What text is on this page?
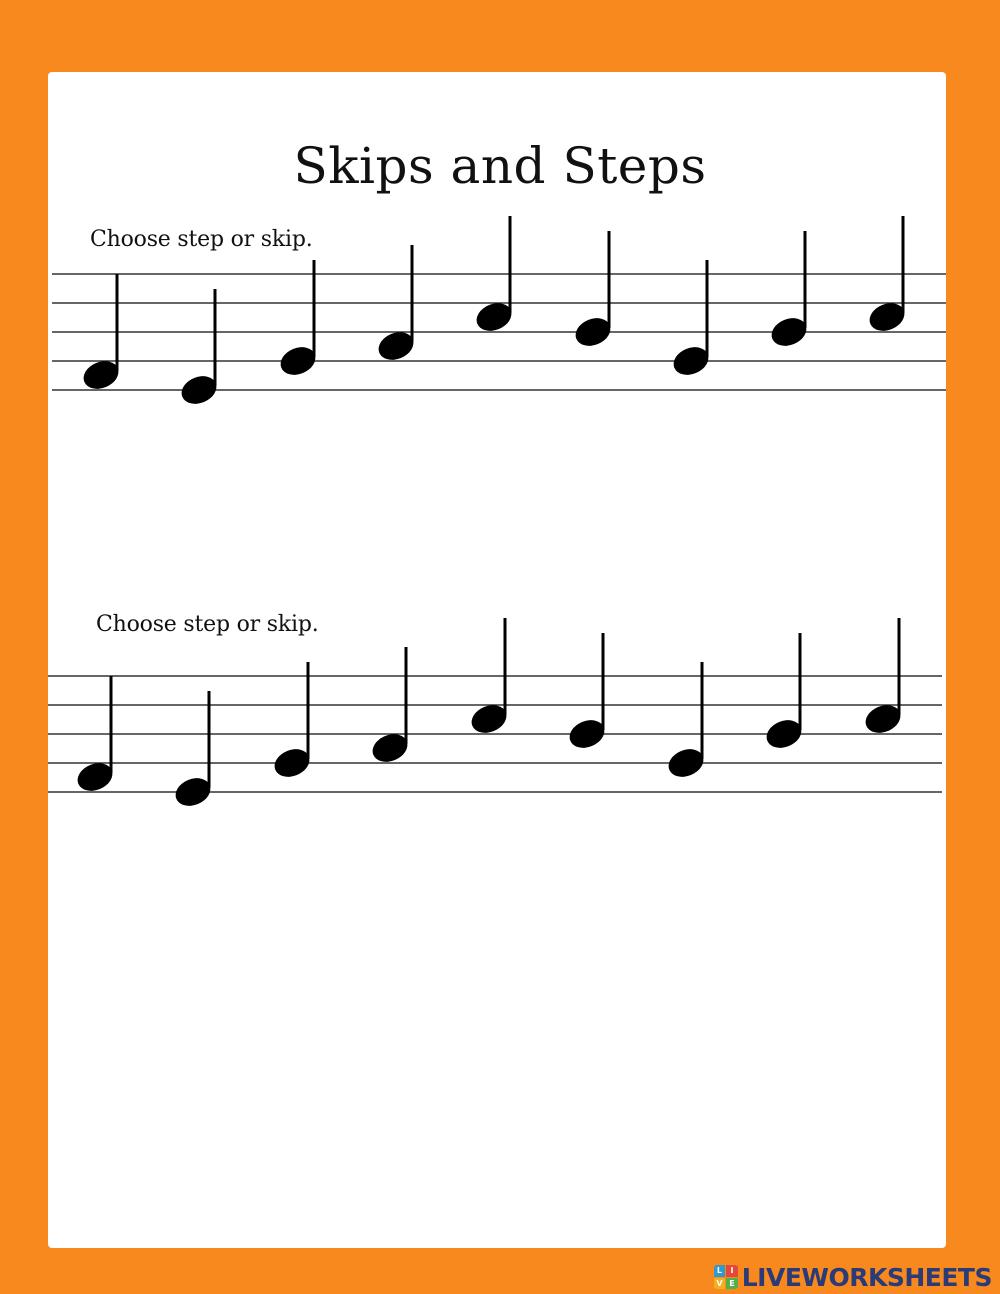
Skips and Steps
Choose step or skip.
Choose step or skip.
L	I
V E LIVEWORKSHEETS
